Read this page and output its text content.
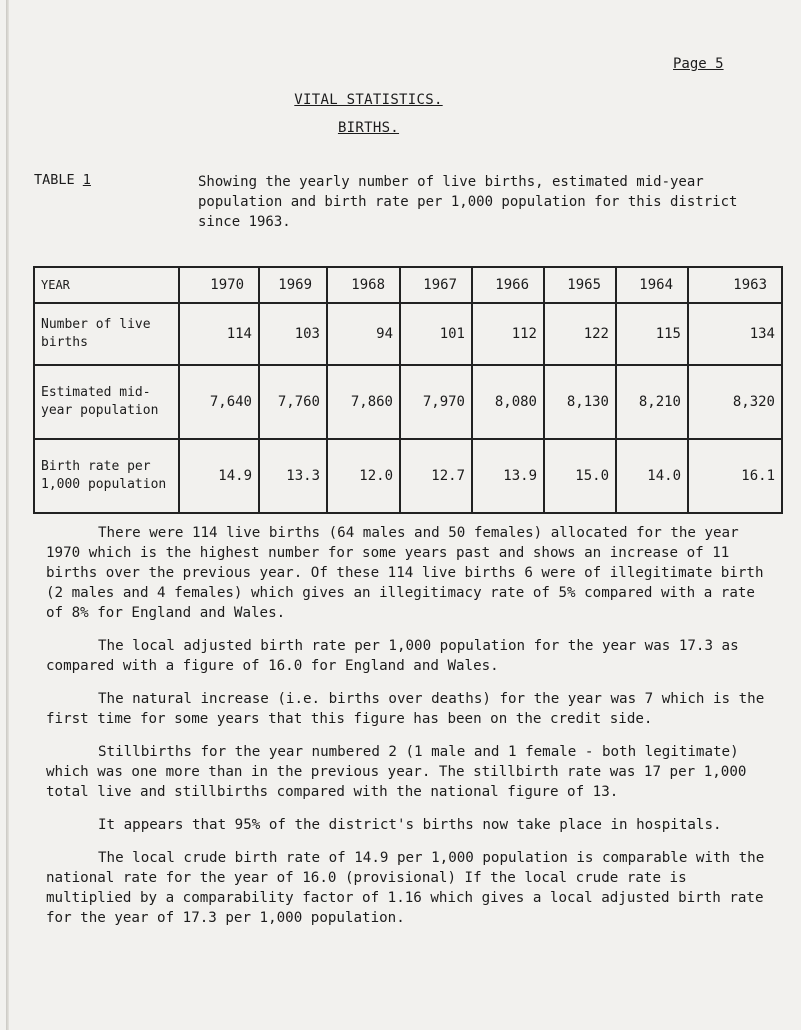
Page 5
VITAL STATISTICS.
BIRTHS.
TABLE 1	Showing the yearly number of live births, estimated mid-year population and birth rate per 1,000 population for this district since 1963.
YEAR	1970	1969	1968	1967	1966	1965	1964	1963
Number of live births	114	103	94	101	112	122	115	134
Estimated mid-year population	7,640	7,760	7,860	7,970	8,080	8,130	8,210	8,320
Birth rate per 1,000 population	14.9	13.3	12.0	12.7	13.9	15.0	14.0	16.1

There were 114 live births (64 males and 50 females) allocated for the year 1970 which is the highest number for some years past and shows an increase of 11 births over the previous year. Of these 114 live births 6 were of illegitimate birth (2 males and 4 females) which gives an illegitimacy rate of 5% compared with a rate of 8% for England and Wales.

The local adjusted birth rate per 1,000 population for the year was 17.3 as compared with a figure of 16.0 for England and Wales.

The natural increase (i.e. births over deaths) for the year was 7 which is the first time for some years that this figure has been on the credit side.

Stillbirths for the year numbered 2 (1 male and 1 female - both legitimate) which was one more than in the previous year. The stillbirth rate was 17 per 1,000 total live and stillbirths compared with the national figure of 13.

It appears that 95% of the district's births now take place in hospitals.

The local crude birth rate of 14.9 per 1,000 population is comparable with the national rate for the year of 16.0 (provisional) If the local crude rate is multiplied by a comparability factor of 1.16 which gives a local adjusted birth rate for the year of 17.3 per 1,000 population.
